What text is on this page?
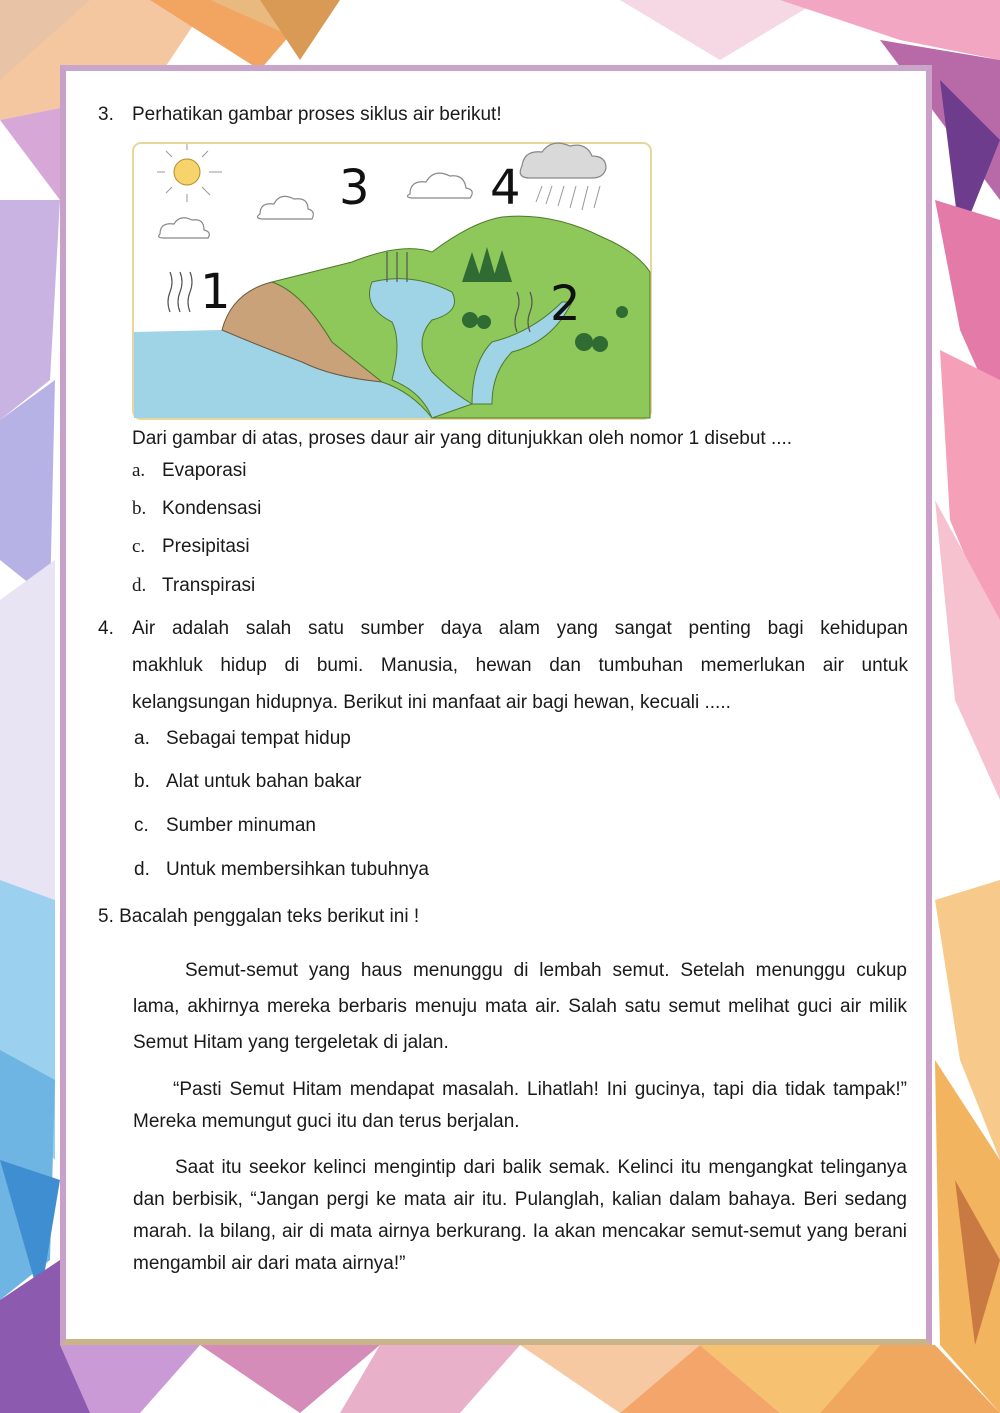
3. Perhatikan gambar proses siklus air berikut!
3	4
1	2
Dari gambar di atas, proses daur air yang ditunjukkan oleh nomor 1 disebut ....
a. Evaporasi
b. Kondensasi
c. Presipitasi
d. Transpirasi
4. Air adalah salah satu sumber daya alam yang sangat penting bagi kehidupan
makhluk hidup di bumi. Manusia, hewan dan tumbuhan memerlukan air untuk
kelangsungan hidupnya. Berikut ini manfaat air bagi hewan, kecuali .....
a. Sebagai tempat hidup
b. Alat untuk bahan bakar
c. Sumber minuman
d. Untuk membersihkan tubuhnya
5. Bacalah penggalan teks berikut ini !
Semut-semut yang haus menunggu di lembah semut. Setelah menunggu cukup lama, akhirnya mereka berbaris menuju mata air. Salah satu semut melihat guci air milik Semut Hitam yang tergeletak di jalan.
“Pasti Semut Hitam mendapat masalah. Lihatlah! Ini gucinya, tapi dia tidak tampak!” Mereka memungut guci itu dan terus berjalan.
Saat itu seekor kelinci mengintip dari balik semak. Kelinci itu mengangkat telinganya dan berbisik, “Jangan pergi ke mata air itu. Pulanglah, kalian dalam bahaya. Beri sedang marah. Ia bilang, air di mata airnya berkurang. Ia akan mencakar semut-semut yang berani mengambil air dari mata airnya!”
